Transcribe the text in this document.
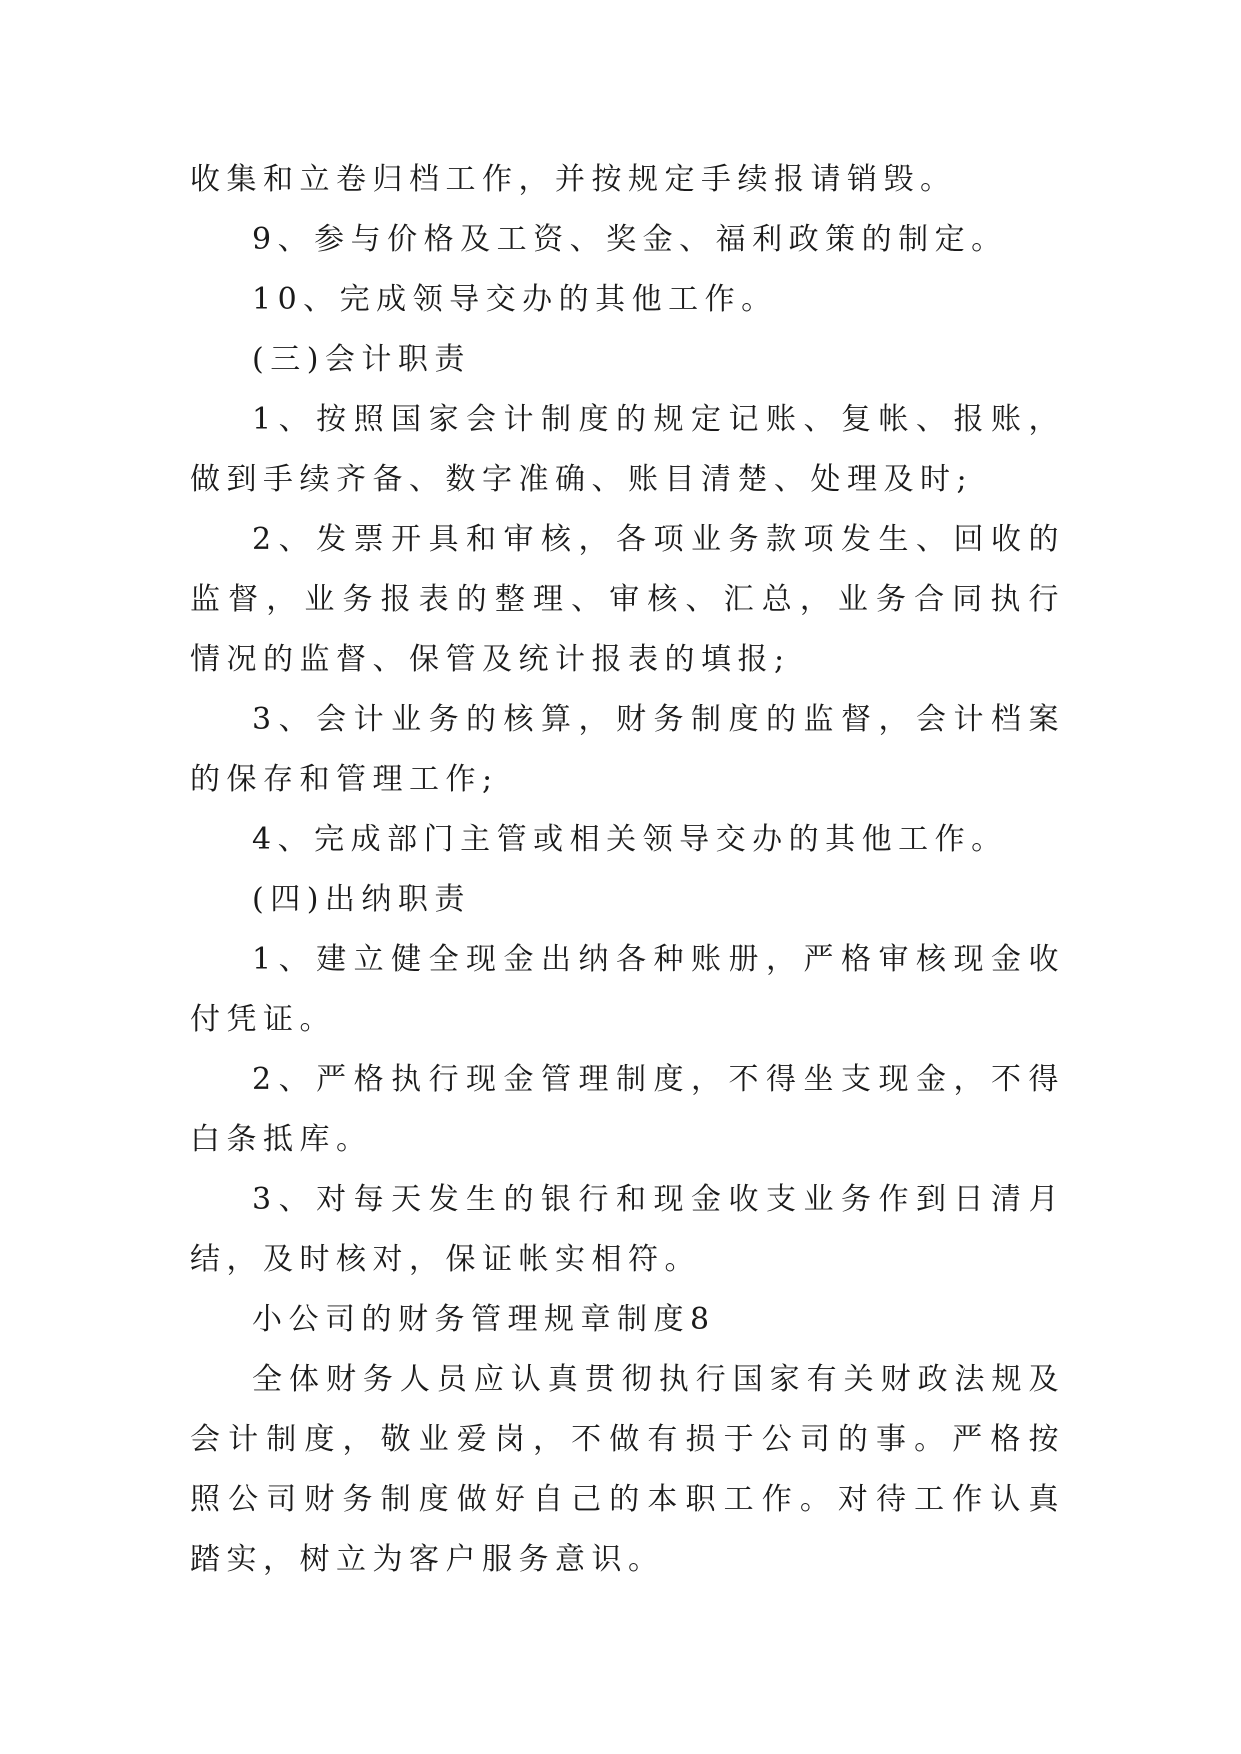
收集和立卷归档工作，并按规定手续报请销毁。

9、参与价格及工资、奖金、福利政策的制定。

10、完成领导交办的其他工作。

(三)会计职责

1、按照国家会计制度的规定记账、复帐、报账，做到手续齐备、数字准确、账目清楚、处理及时;

2、发票开具和审核，各项业务款项发生、回收的监督，业务报表的整理、审核、汇总，业务合同执行情况的监督、保管及统计报表的填报;

3、会计业务的核算，财务制度的监督，会计档案的保存和管理工作;

4、完成部门主管或相关领导交办的其他工作。

(四)出纳职责

1、建立健全现金出纳各种账册，严格审核现金收付凭证。

2、严格执行现金管理制度，不得坐支现金，不得白条抵库。

3、对每天发生的银行和现金收支业务作到日清月结，及时核对，保证帐实相符。

小公司的财务管理规章制度8

全体财务人员应认真贯彻执行国家有关财政法规及会计制度，敬业爱岗，不做有损于公司的事。严格按照公司财务制度做好自己的本职工作。对待工作认真踏实，树立为客户服务意识。
